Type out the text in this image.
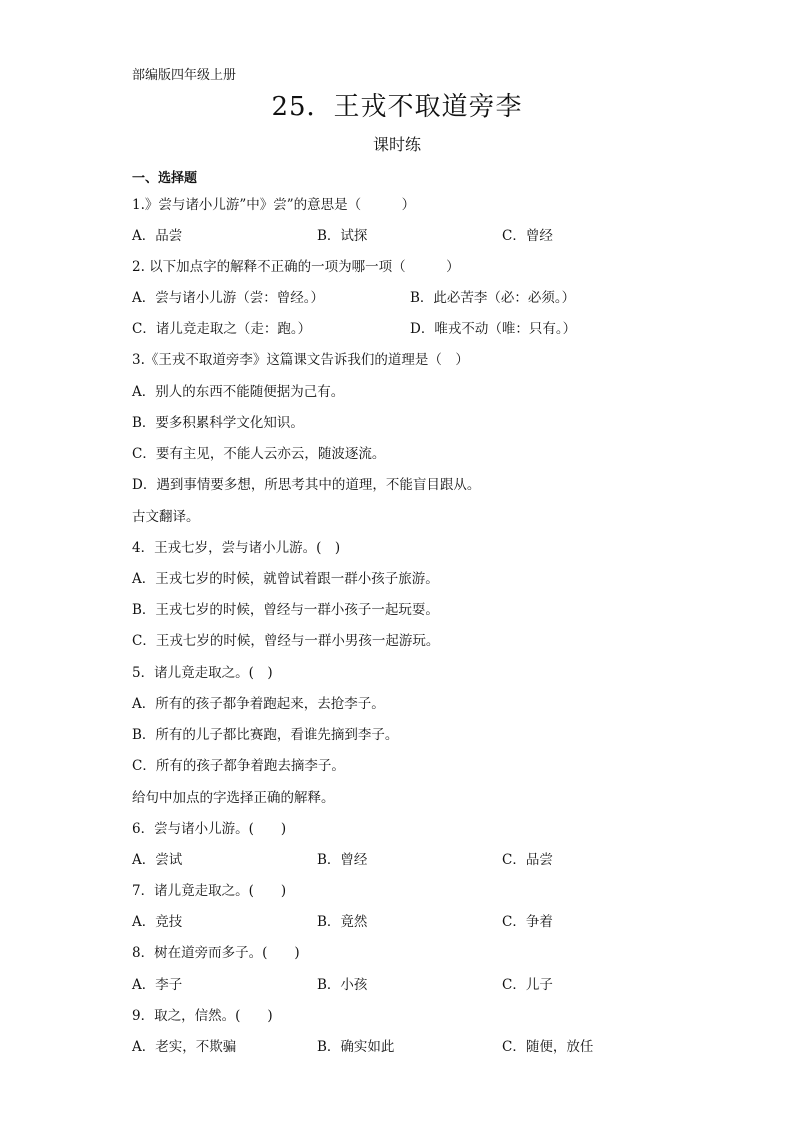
部编版四年级上册
25．王戎不取道旁李
课时练
一、选择题
1.》尝与诸小儿游”中》尝”的意思是（　　　）
A．品尝	B．试探	C．曾经
2. 以下加点字的解释不正确的一项为哪一项（　　　）
A．尝与诸小儿游（尝：曾经。）	B．此必苦李（必：必须。）
C．诸儿竞走取之（走：跑。）	D．唯戎不动（唯：只有。）
3.《王戎不取道旁李》这篇课文告诉我们的道理是（　）
A．别人的东西不能随便据为己有。
B．要多积累科学文化知识。
C．要有主见，不能人云亦云，随波逐流。
D．遇到事情要多想，所思考其中的道理，不能盲目跟从。
古文翻译。
4．王戎七岁，尝与诸小儿游。(　)
A．王戎七岁的时候，就曾试着跟一群小孩子旅游。
B．王戎七岁的时候，曾经与一群小孩子一起玩耍。
C．王戎七岁的时候，曾经与一群小男孩一起游玩。
5．诸儿竟走取之。(　)
A．所有的孩子都争着跑起来，去抢李子。
B．所有的儿子都比赛跑，看谁先摘到李子。
C．所有的孩子都争着跑去摘李子。
给句中加点的字选择正确的解释。
6．尝与诸小儿游。(　　)
A．尝试	B．曾经	C．品尝
7．诸儿竟走取之。(　　)
A．竞技	B．竟然	C．争着
8．树在道旁而多子。(　　)
A．李子	B．小孩	C．儿子
9．取之，信然。(　　)
A．老实，不欺骗	B．确实如此	C．随便，放任
